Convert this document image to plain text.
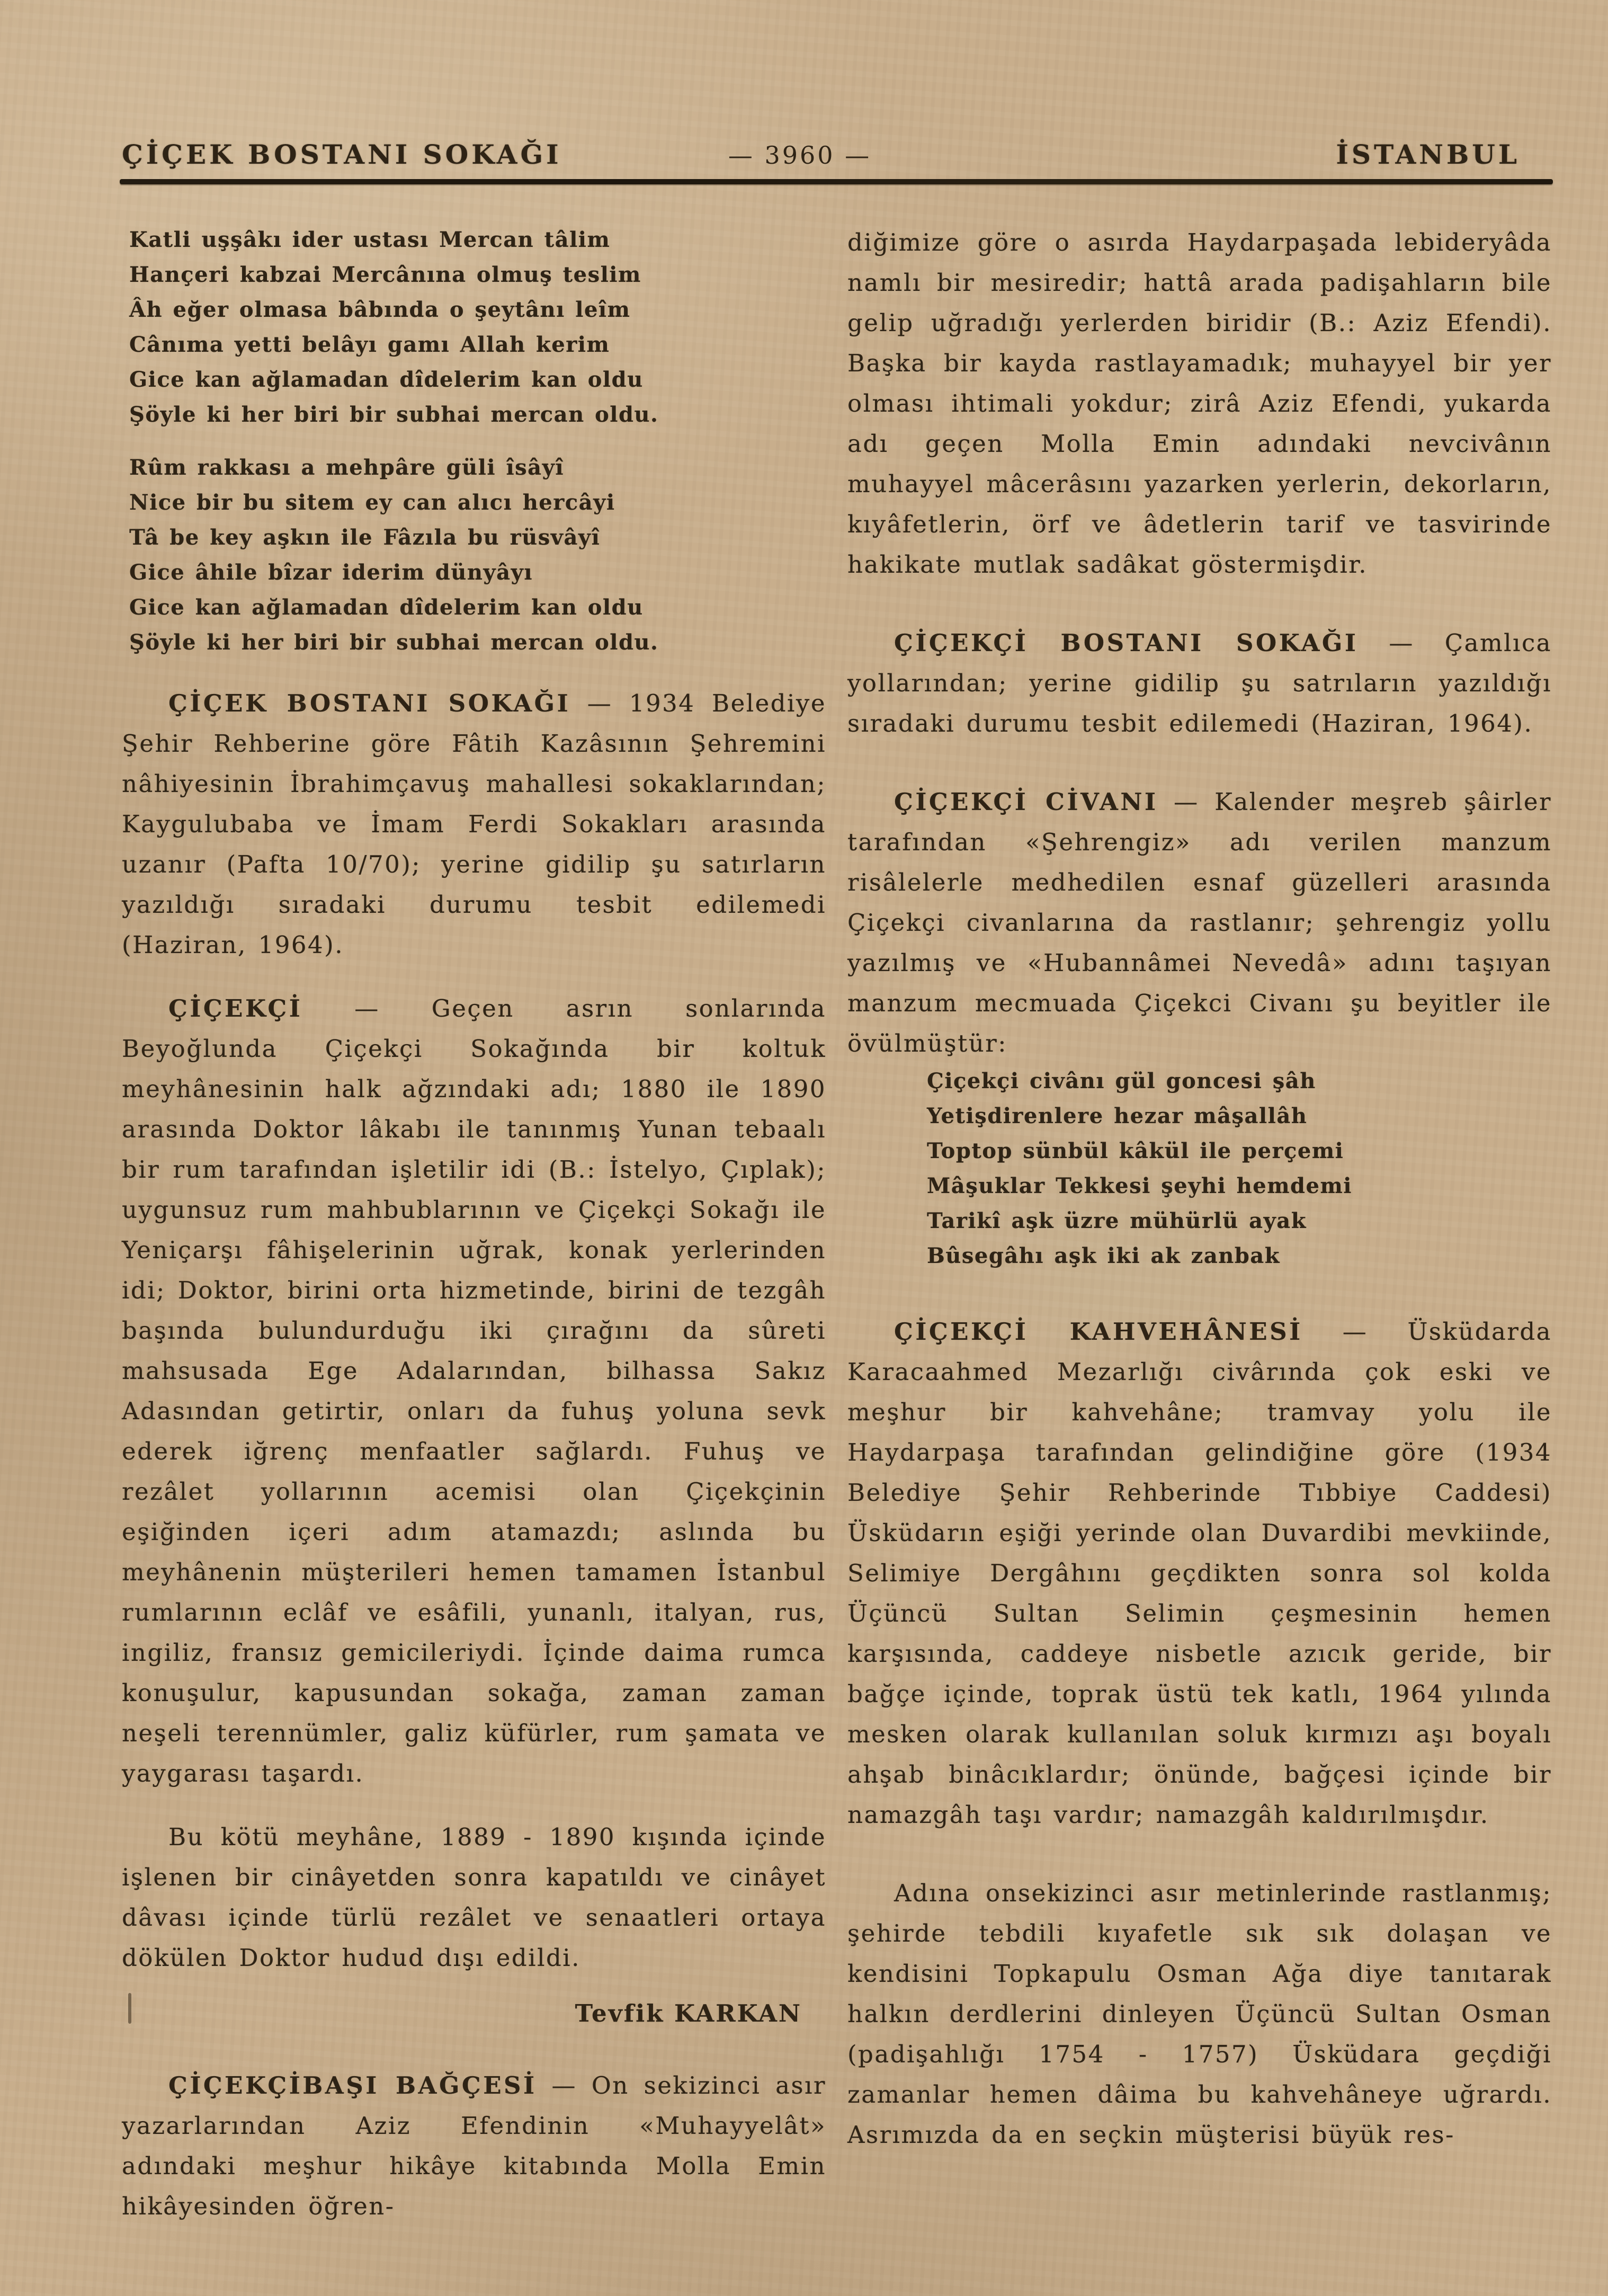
ÇİÇEK BOSTANI SOKAĞI	— 3960 —	İSTANBUL
Katli uşşâkı ider ustası Mercan tâlim
Hançeri kabzai Mercânına olmuş teslim
Âh eğer olmasa bâbında o şeytânı leîm
Cânıma yetti belâyı gamı Allah kerim
Gice kan ağlamadan dîdelerim kan oldu
Şöyle ki her biri bir subhai mercan oldu.
Rûm rakkası a mehpâre güli îsâyî
Nice bir bu sitem ey can alıcı hercâyi
Tâ be key aşkın ile Fâzıla bu rüsvâyî
Gice âhile bîzar iderim dünyâyı
Gice kan ağlamadan dîdelerim kan oldu
Şöyle ki her biri bir subhai mercan oldu.

ÇİÇEK BOSTANI SOKAĞI — 1934 Belediye Şehir Rehberine göre Fâtih Kazâsının Şehremini nâhiyesinin İbrahimçavuş mahallesi sokaklarından; Kaygulubaba ve İmam Ferdi Sokakları arasında uzanır (Pafta 10/70); yerine gidilip şu satırların yazıldığı sıradaki durumu tesbit edilemedi (Haziran, 1964).

ÇİÇEKÇİ — Geçen asrın sonlarında Beyoğlunda Çiçekçi Sokağında bir koltuk meyhânesinin halk ağzındaki adı; 1880 ile 1890 arasında Doktor lâkabı ile tanınmış Yunan tebaalı bir rum tarafından işletilir idi (B.: İstelyo, Çıplak); uygunsuz rum mahbublarının ve Çiçekçi Sokağı ile Yeniçarşı fâhişelerinin uğrak, konak yerlerinden idi; Doktor, birini orta hizmetinde, birini de tezgâh başında bulundurduğu iki çırağını da sûreti mahsusada Ege Adalarından, bilhassa Sakız Adasından getirtir, onları da fuhuş yoluna sevk ederek iğrenç menfaatler sağlardı. Fuhuş ve rezâlet yollarının acemisi olan Çiçekçinin eşiğinden içeri adım atamazdı; aslında bu meyhânenin müşterileri hemen tamamen İstanbul rumlarının eclâf ve esâfili, yunanlı, italyan, rus, ingiliz, fransız gemicileriydi. İçinde daima rumca konuşulur, kapusundan sokağa, zaman zaman neşeli terennümler, galiz küfürler, rum şamata ve yaygarası taşardı.

Bu kötü meyhâne, 1889 - 1890 kışında içinde işlenen bir cinâyetden sonra kapatıldı ve cinâyet dâvası içinde türlü rezâlet ve senaatleri ortaya dökülen Doktor hudud dışı edildi.

Tevfik KARKAN

ÇİÇEKÇİBAŞI BAĞÇESİ — On sekizinci asır yazarlarından Aziz Efendinin «Muhayyelât» adındaki meşhur hikâye kitabında Molla Emin hikâyesinden öğren-

diğimize göre o asırda Haydarpaşada lebideryâda namlı bir mesiredir; hattâ arada padişahların bile gelip uğradığı yerlerden biridir (B.: Aziz Efendi). Başka bir kayda rastlayamadık; muhayyel bir yer olması ihtimali yokdur; zirâ Aziz Efendi, yukarda adı geçen Molla Emin adındaki nevcivânın muhayyel mâcerâsını yazarken yerlerin, dekorların, kıyâfetlerin, örf ve âdetlerin tarif ve tasvirinde hakikate mutlak sadâkat göstermişdir.

ÇİÇEKÇİ BOSTANI SOKAĞI — Çamlıca yollarından; yerine gidilip şu satrıların yazıldığı sıradaki durumu tesbit edilemedi (Haziran, 1964).

ÇİÇEKÇİ CİVANI — Kalender meşreb şâirler tarafından «Şehrengiz» adı verilen manzum risâlelerle medhedilen esnaf güzelleri arasında Çiçekçi civanlarına da rastlanır; şehrengiz yollu yazılmış ve «Hubannâmei Nevedâ» adını taşıyan manzum mecmuada Çiçekci Civanı şu beyitler ile övülmüştür:

Çiçekçi civânı gül goncesi şâh
Yetişdirenlere hezar mâşallâh
Toptop sünbül kâkül ile perçemi
Mâşuklar Tekkesi şeyhi hemdemi
Tarikî aşk üzre mühürlü ayak
Bûsegâhı aşk iki ak zanbak

ÇİÇEKÇİ KAHVEHÂNESİ — Üsküdarda Karacaahmed Mezarlığı civârında çok eski ve meşhur bir kahvehâne; tramvay yolu ile Haydarpaşa tarafından gelindiğine göre (1934 Belediye Şehir Rehberinde Tıbbiye Caddesi) Üsküdarın eşiği yerinde olan Duvardibi mevkiinde, Selimiye Dergâhını geçdikten sonra sol kolda Üçüncü Sultan Selimin çeşmesinin hemen karşısında, caddeye nisbetle azıcık geride, bir bağçe içinde, toprak üstü tek katlı, 1964 yılında mesken olarak kullanılan soluk kırmızı aşı boyalı ahşab binâcıklardır; önünde, bağçesi içinde bir namazgâh taşı vardır; namazgâh kaldırılmışdır.

Adına onsekizinci asır metinlerinde rastlanmış; şehirde tebdili kıyafetle sık sık dolaşan ve kendisini Topkapulu Osman Ağa diye tanıtarak halkın derdlerini dinleyen Üçüncü Sultan Osman (padişahlığı 1754 - 1757) Üsküdara geçdiği zamanlar hemen dâima bu kahvehâneye uğrardı. Asrımızda da en seçkin müşterisi büyük res-
